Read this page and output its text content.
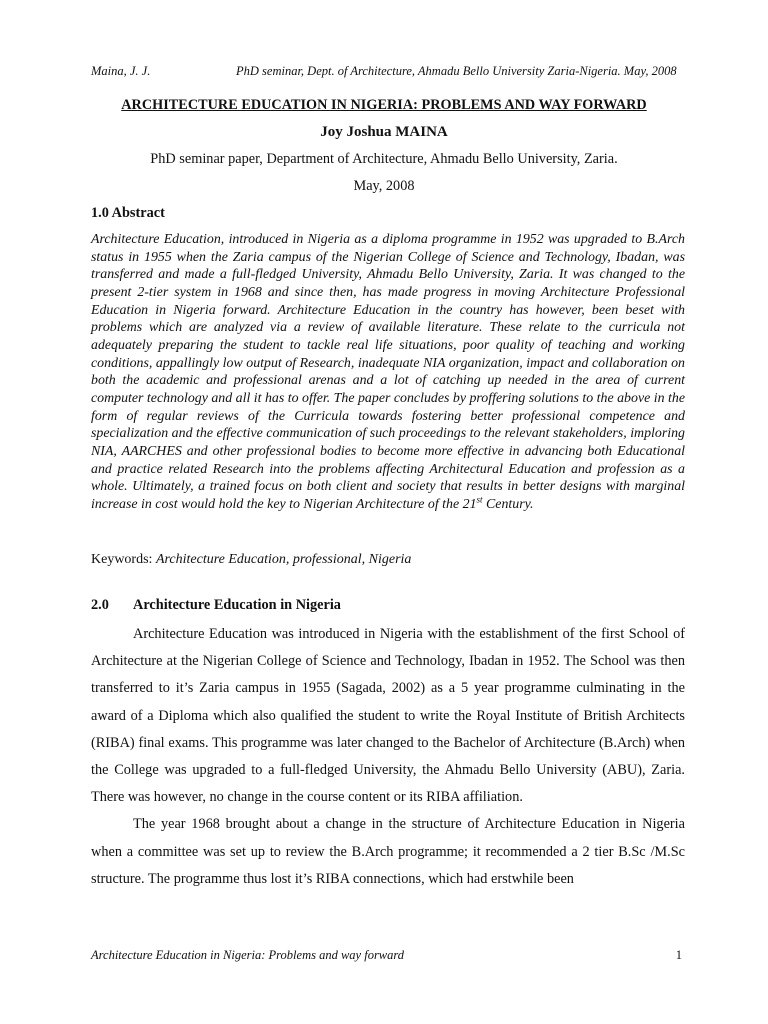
Maina, J. J.	PhD seminar, Dept. of Architecture, Ahmadu Bello University Zaria-Nigeria. May, 2008
ARCHITECTURE EDUCATION IN NIGERIA: PROBLEMS AND WAY FORWARD
Joy Joshua MAINA
PhD seminar paper, Department of Architecture, Ahmadu Bello University, Zaria.
May, 2008
1.0 Abstract

Architecture Education, introduced in Nigeria as a diploma programme in 1952 was upgraded to B.Arch status in 1955 when the Zaria campus of the Nigerian College of Science and Technology, Ibadan, was transferred and made a full-fledged University, Ahmadu Bello University, Zaria. It was changed to the present 2-tier system in 1968 and since then, has made progress in moving Architecture Professional Education in Nigeria forward. Architecture Education in the country has however, been beset with problems which are analyzed via a review of available literature. These relate to the curricula not adequately preparing the student to tackle real life situations, poor quality of teaching and working conditions, appallingly low output of Research, inadequate NIA organization, impact and collaboration on both the academic and professional arenas and a lot of catching up needed in the area of current computer technology and all it has to offer. The paper concludes by proffering solutions to the above in the form of regular reviews of the Curricula towards fostering better professional competence and specialization and the effective communication of such proceedings to the relevant stakeholders, imploring NIA, AARCHES and other professional bodies to become more effective in advancing both Educational and practice related Research into the problems affecting Architectural Education and profession as a whole. Ultimately, a trained focus on both client and society that results in better designs with marginal increase in cost would hold the key to Nigerian Architecture of the 21st Century.

Keywords: Architecture Education, professional, Nigeria
2.0	Architecture Education in Nigeria

Architecture Education was introduced in Nigeria with the establishment of the first School of Architecture at the Nigerian College of Science and Technology, Ibadan in 1952. The School was then transferred to it’s Zaria campus in 1955 (Sagada, 2002) as a 5 year programme culminating in the award of a Diploma which also qualified the student to write the Royal Institute of British Architects (RIBA) final exams. This programme was later changed to the Bachelor of Architecture (B.Arch) when the College was upgraded to a full-fledged University, the Ahmadu Bello University (ABU), Zaria. There was however, no change in the course content or its RIBA affiliation.

The year 1968 brought about a change in the structure of Architecture Education in Nigeria when a committee was set up to review the B.Arch programme; it recommended a 2 tier B.Sc /M.Sc structure. The programme thus lost it’s RIBA connections, which had erstwhile been

Architecture Education in Nigeria: Problems and way forward	1
